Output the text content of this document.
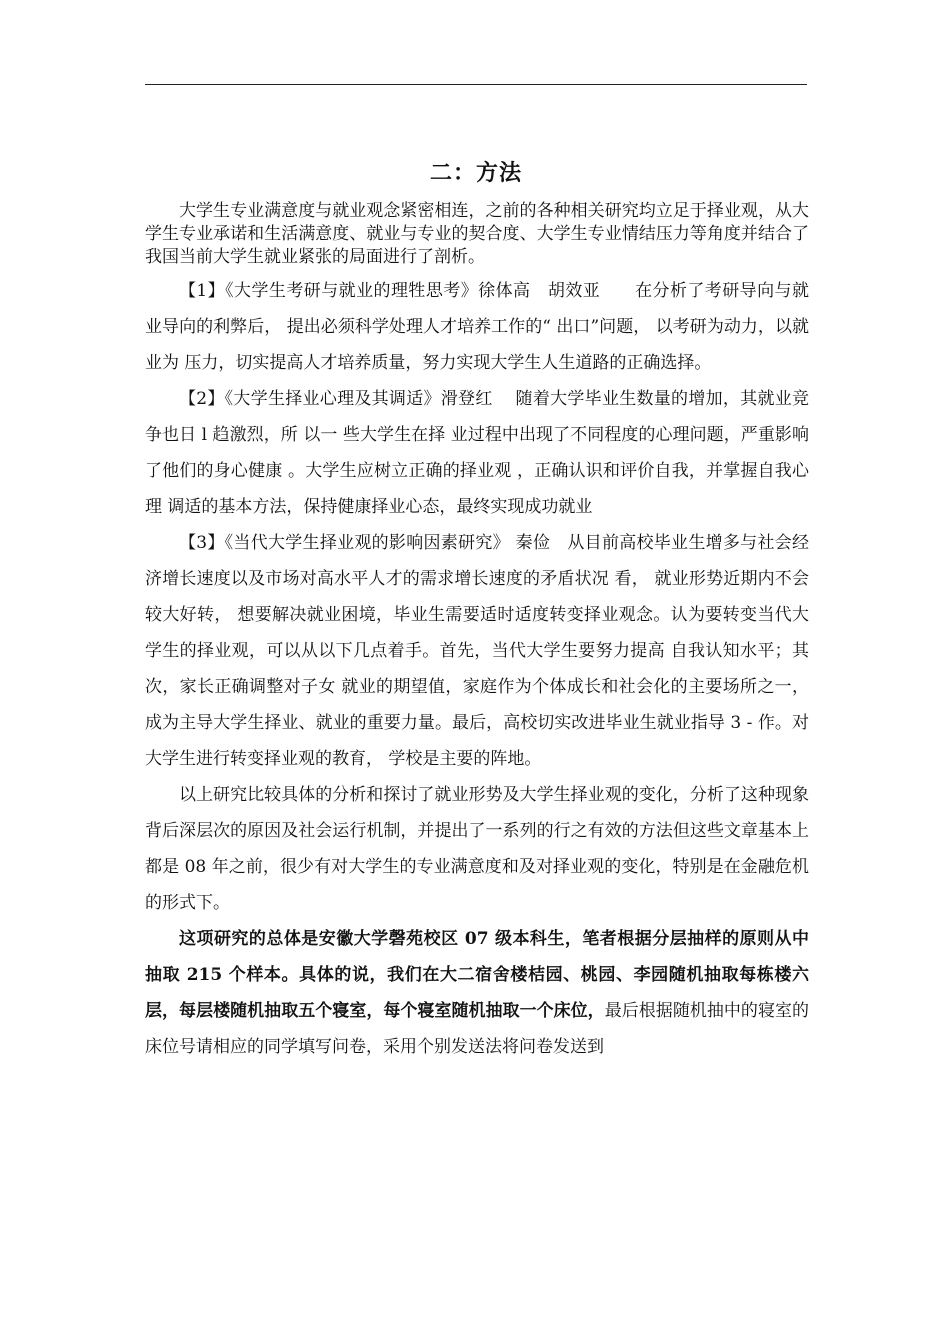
二：方法

大学生专业满意度与就业观念紧密相连，之前的各种相关研究均立足于择业观，从大学生专业承诺和生活满意度、就业与专业的契合度、大学生专业情结压力等角度并结合了我国当前大学生就业紧张的局面进行了剖析。

【1】《大学生考研与就业的理牲思考》徐体高　胡效亚　　在分析了考研导向与就业导向的利弊后， 提出必须科学处理人才培养工作的“ 出口”问题， 以考研为动力，以就业为 压力，切实提高人才培养质量，努力实现大学生人生道路的正确选择。

【2】《大学生择业心理及其调适》滑登红　 随着大学毕业生数量的增加，其就业竞争也日 l 趋激烈，所 以一 些大学生在择 业过程中出现了不同程度的心理问题，严重影响了他们的身心健康 。大学生应树立正确的择业观 ，正确认识和评价自我，并掌握自我心理 调适的基本方法，保持健康择业心态，最终实现成功就业

【3】《当代大学生择业观的影响因素研究》 秦俭　从目前高校毕业生增多与社会经济增长速度以及市场对高水平人才的需求增长速度的矛盾状况 看， 就业形势近期内不会较大好转， 想要解决就业困境，毕业生需要适时适度转变择业观念。认为要转变当代大 学生的择业观，可以从以下几点着手。首先，当代大学生要努力提高 自我认知水平；其次，家长正确调整对子女 就业的期望值，家庭作为个体成长和社会化的主要场所之一， 成为主导大学生择业、就业的重要力量。最后，高校切实改进毕业生就业指导 3 - 作。对大学生进行转变择业观的教育， 学校是主要的阵地。

以上研究比较具体的分析和探讨了就业形势及大学生择业观的变化，分析了这种现象背后深层次的原因及社会运行机制，并提出了一系列的行之有效的方法但这些文章基本上都是 08 年之前，很少有对大学生的专业满意度和及对择业观的变化，特别是在金融危机的形式下。

这项研究的总体是安徽大学磬苑校区 07 级本科生，笔者根据分层抽样的原则从中抽取 215 个样本。具体的说，我们在大二宿舍楼桔园、桃园、李园随机抽取每栋楼六层，每层楼随机抽取五个寝室，每个寝室随机抽取一个床位，最后根据随机抽中的寝室的床位号请相应的同学填写问卷，采用个别发送法将问卷发送到
